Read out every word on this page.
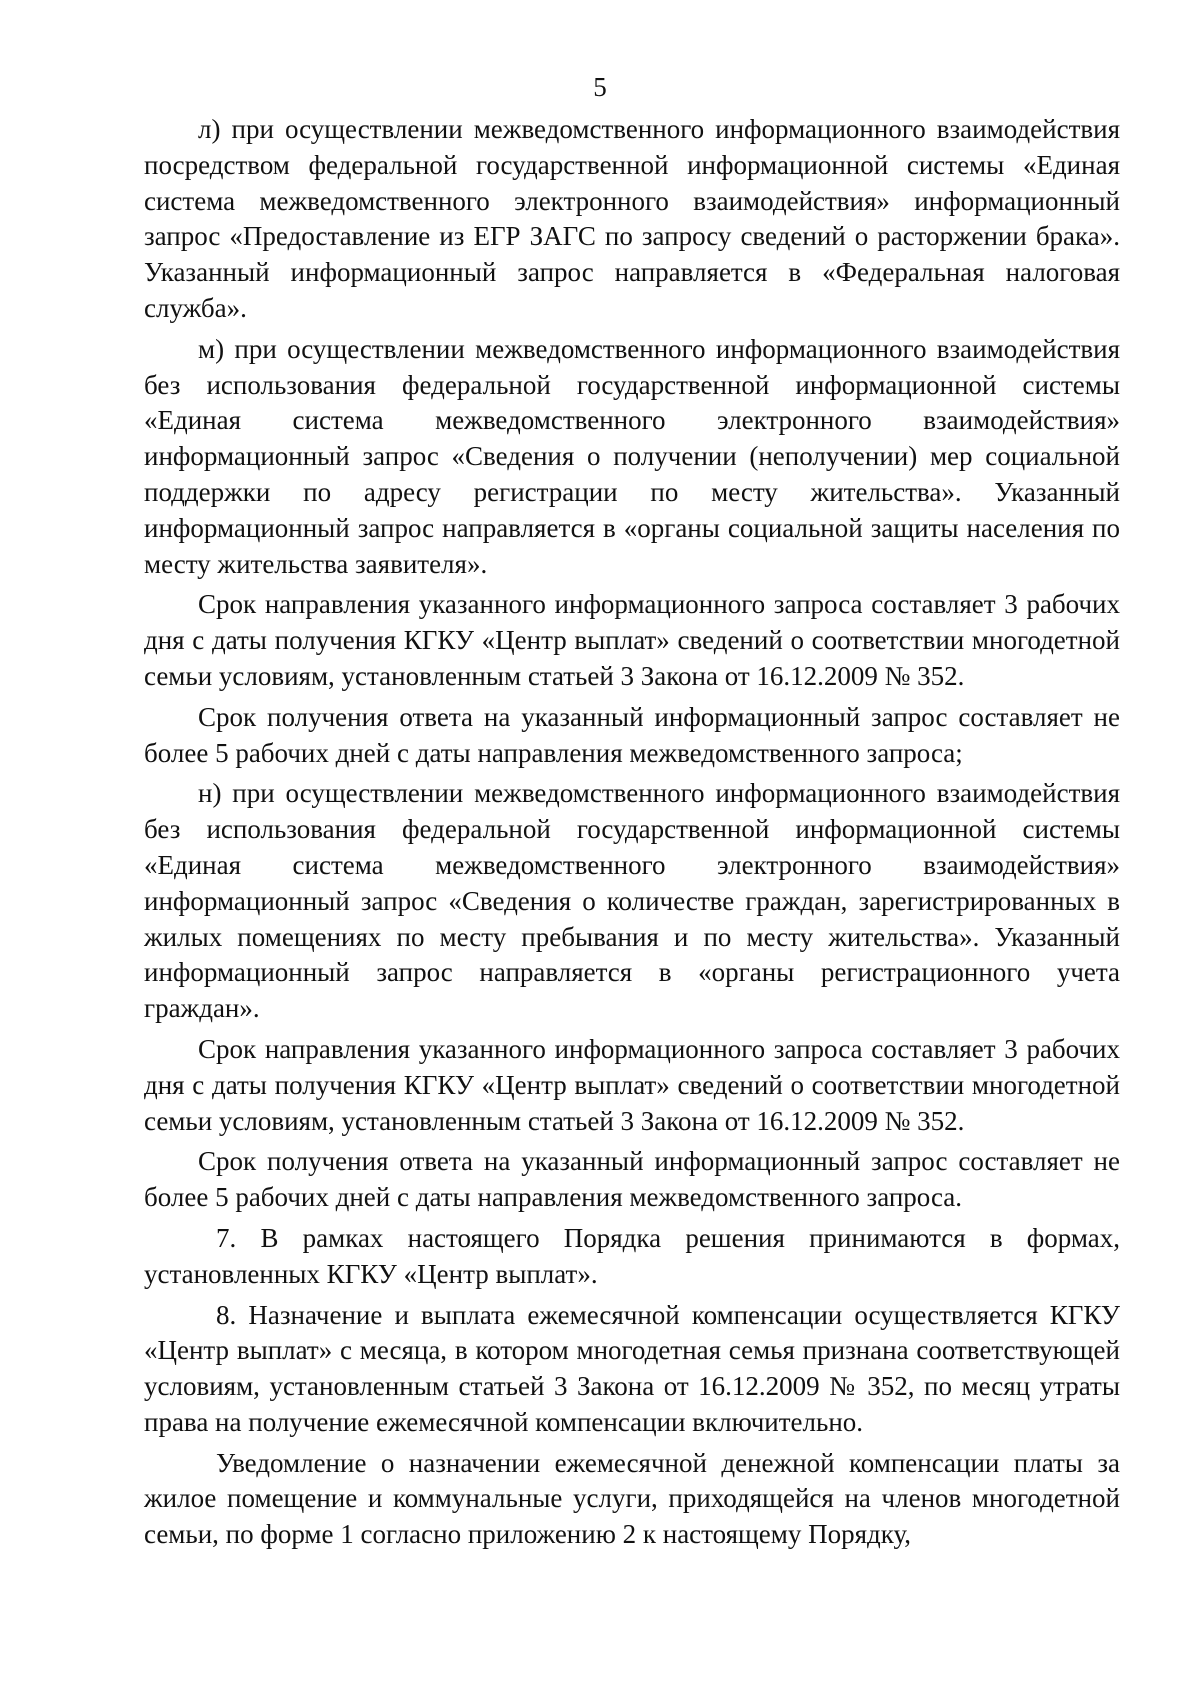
5

л) при осуществлении межведомственного информационного взаимодействия посредством федеральной государственной информационной системы «Единая система межведомственного электронного взаимодействия» информационный запрос «Предоставление из ЕГР ЗАГС по запросу сведений о расторжении брака». Указанный информационный запрос направляется в «Федеральная налоговая служба».

м) при осуществлении межведомственного информационного взаимодействия без использования федеральной государственной информационной системы «Единая система межведомственного электронного взаимодействия» информационный запрос «Сведения о получении (неполучении) мер социальной поддержки по адресу регистрации по месту жительства». Указанный информационный запрос направляется в «органы социальной защиты населения по месту жительства заявителя».

Срок направления указанного информационного запроса составляет 3 рабочих дня с даты получения КГКУ «Центр выплат» сведений о соответствии многодетной семьи условиям, установленным статьей 3 Закона от 16.12.2009 № 352.

Срок получения ответа на указанный информационный запрос составляет не более 5 рабочих дней с даты направления межведомственного запроса;

н) при осуществлении межведомственного информационного взаимодействия без использования федеральной государственной информационной системы «Единая система межведомственного электронного взаимодействия» информационный запрос «Сведения о количестве граждан, зарегистрированных в жилых помещениях по месту пребывания и по месту жительства». Указанный информационный запрос направляется в «органы регистрационного учета граждан».

Срок направления указанного информационного запроса составляет 3 рабочих дня с даты получения КГКУ «Центр выплат» сведений о соответствии многодетной семьи условиям, установленным статьей 3 Закона от 16.12.2009 № 352.

Срок получения ответа на указанный информационный запрос составляет не более 5 рабочих дней с даты направления межведомственного запроса.

7. В рамках настоящего Порядка решения принимаются в формах, установленных КГКУ «Центр выплат».

8. Назначение и выплата ежемесячной компенсации осуществляется КГКУ «Центр выплат» с месяца, в котором многодетная семья признана соответствующей условиям, установленным статьей 3 Закона от 16.12.2009 № 352, по месяц утраты права на получение ежемесячной компенсации включительно.

Уведомление о назначении ежемесячной денежной компенсации платы за жилое помещение и коммунальные услуги, приходящейся на членов многодетной семьи, по форме 1 согласно приложению 2 к настоящему Порядку,
